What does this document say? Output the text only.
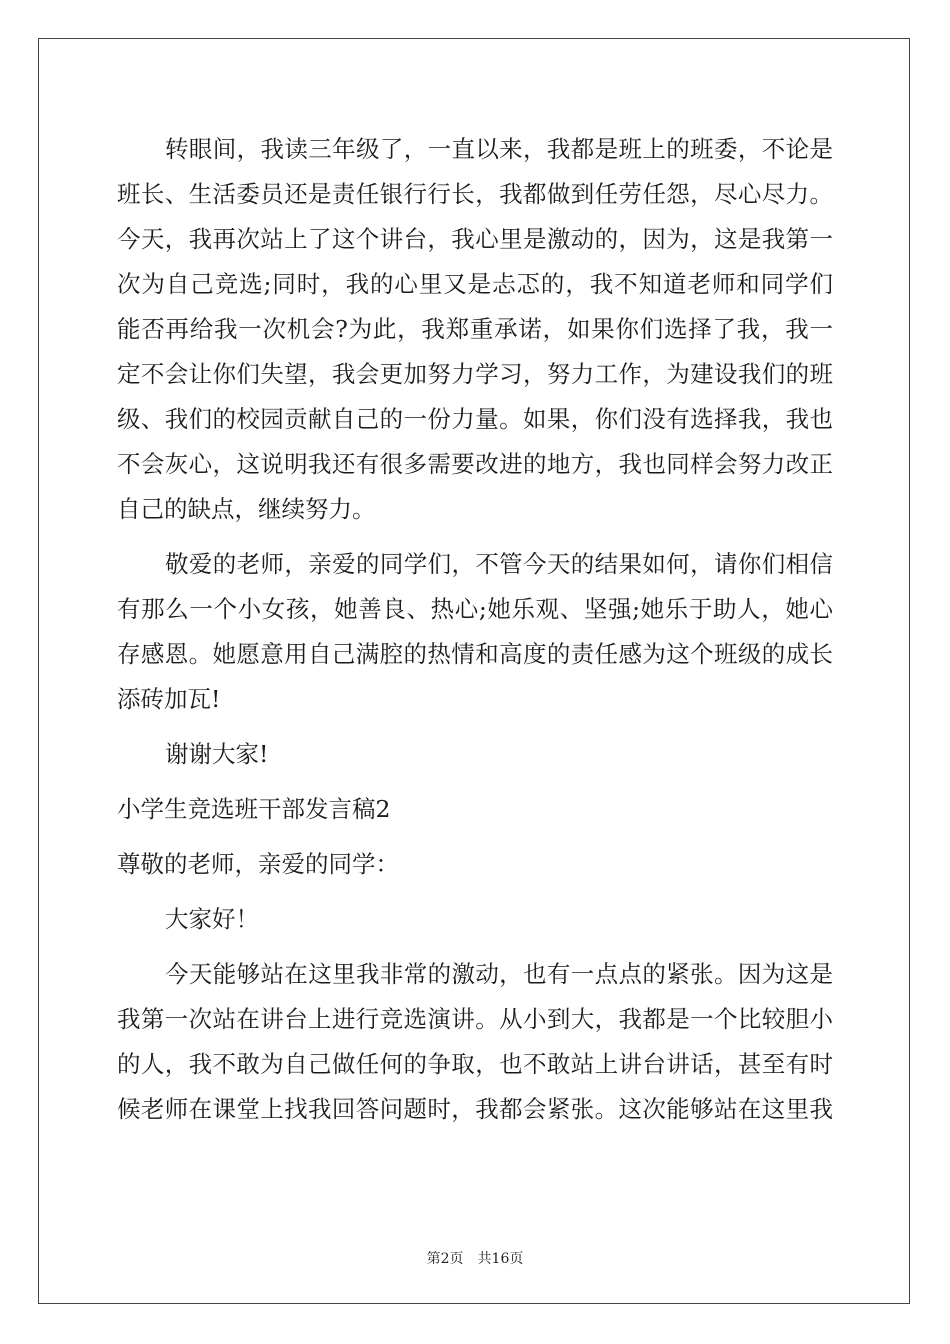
转眼间，我读三年级了，一直以来，我都是班上的班委，不论是
班长、生活委员还是责任银行行长，我都做到任劳任怨，尽心尽力。
今天，我再次站上了这个讲台，我心里是激动的，因为，这是我第一
次为自己竞选;同时，我的心里又是忐忑的，我不知道老师和同学们
能否再给我一次机会?为此，我郑重承诺，如果你们选择了我，我一
定不会让你们失望，我会更加努力学习，努力工作，为建设我们的班
级、我们的校园贡献自己的一份力量。如果，你们没有选择我，我也
不会灰心，这说明我还有很多需要改进的地方，我也同样会努力改正
自己的缺点，继续努力。
敬爱的老师，亲爱的同学们，不管今天的结果如何，请你们相信
有那么一个小女孩，她善良、热心;她乐观、坚强;她乐于助人，她心
存感恩。她愿意用自己满腔的热情和高度的责任感为这个班级的成长
添砖加瓦!
谢谢大家!
小学生竞选班干部发言稿2
尊敬的老师，亲爱的同学：
大家好！
今天能够站在这里我非常的激动，也有一点点的紧张。因为这是
我第一次站在讲台上进行竞选演讲。从小到大，我都是一个比较胆小
的人，我不敢为自己做任何的争取，也不敢站上讲台讲话，甚至有时
候老师在课堂上找我回答问题时，我都会紧张。这次能够站在这里我
第2页　共16页
